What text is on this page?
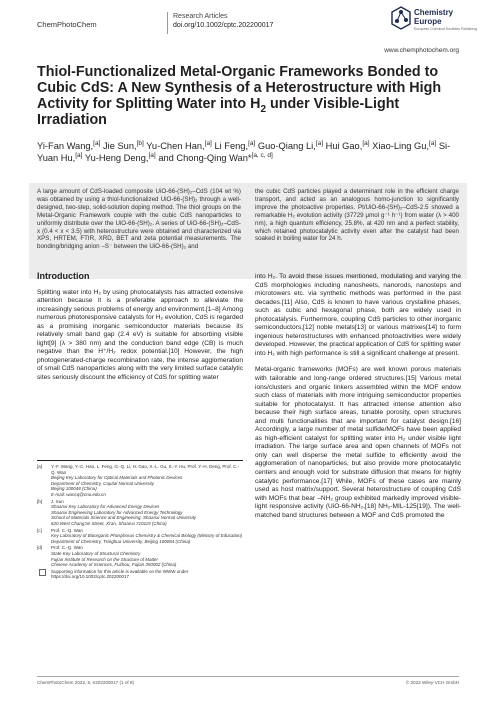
ChemPhotoChem
Research Articles
doi.org/10.1002/cptc.202200017
Chemistry
Europe
European Chemical Societies Publishing
www.chemphotochem.org
Thiol-Functionalized Metal-Organic Frameworks Bonded to Cubic CdS: A New Synthesis of a Heterostructure with High Activity for Splitting Water into $H_2$ under Visible-Light Irradiation
Yi-Fan Wang,[a] Jie Sun,[b] Yu-Chen Han,[a] Li Feng,[a] Guo-Qiang Li,[a] Hui Gao,[a] Xiao-Ling Gu,[a] Si-Yuan Hu,[a] Yu-Heng Deng,[a] and Chong-Qing Wan*[a, c, d]
A large amount of CdS-loaded composite UiO-66-(SH)₂–CdS (104 wt %) was obtained by using a thiol-functionalized UiO-66-(SH)₂ through a well-designed, two-step, solid-solution doping method. The thiol groups on the Metal-Organic Framework couple with the cubic CdS nanoparticles to uniformly distribute over the UiO-66-(SH)₂. A series of UiO-66-(SH)₂–CdS-x (0.4 < x < 3.5) with heterostructure were obtained and characterized via XPS, HRTEM, FTIR, XRD, BET and zeta potential measurements. The bonding/bridging anion –S⁻ between the UiO-66-(SH)₂ and
the cubic CdS particles played a determinant role in the efficient charge transport, and acted as an analogous homo-junction to significantly improve the photoactive properties. Pt/UiO-66-(SH)₂–CdS-2.5 showed a remarkable H₂ evolution activity (37729 μmol g⁻¹ h⁻¹) from water (λ > 400 nm), a high quantum efficiency, 25.8%, at 420 nm and a perfect stability, which retained photocatalytic activity even after the catalyst had been soaked in boiling water for 24 h.
Introduction

Splitting water into H₂ by using photocatalysts has attracted extensive attention because it is a preferable approach to alleviate the increasingly serious problems of energy and environment.[1–8] Among numerous photoresponsive catalysts for H₂ evolution, CdS is regarded as a promising inorganic semiconductor materials because its relatively small band gap (2.4 eV) is suitable for absorbing visible light[9] (λ > 380 nm) and the conduction band edge (CB) is much negative than the H⁺/H₂ redox potential.[10] However, the high photogenerated-charge recombination rate, the intense agglomeration of small CdS nanoparticles along with the very limited surface catalytic sites seriously discount the efficiency of CdS for splitting water

into H₂. To avoid these issues mentioned, modulating and varying the CdS morphologies including nanosheets, nanorods, nanosteps and microtowers etc. via synthetic methods was performed in the past decades.[11] Also, CdS is known to have various crystalline phases, such as cubic and hexagonal phase, both are widely used in photocatalysis. Furthermore, coupling CdS particles to other inorganic semiconductors,[12] noble metals[13] or various matrixes[14] to form ingenious heterostructures with enhanced photoactivities were widely developed. However, the practical application of CdS for splitting water into H₂ with high performance is still a significant challenge at present.

Metal-organic frameworks (MOFs) are well known porous materials with tailorable and long-range ordered structures.[15] Various metal ions/clusters and organic linkers assembled within the MOF endow such class of materials with more intriguing semiconductor properties suitable for photocatalyst. It has attracted intense attention also because their high surface areas, tunable porosity, open structures and multi functionalities that are important for catalyst design.[16] Accordingly, a large number of metal sulfide/MOFs have been applied as high-efficient catalyst for splitting water into H₂ under visible light irradiation. The large surface area and open channels of MOFs not only can well disperse the metal sulfide to efficiently avoid the agglomeration of nanoparticles, but also provide more photocatalytic centers and enough void for substrate diffusion that means for highly catalytic performance.[17] While, MOFs of these cases are mainly used as host matrix/support. Several heterostructure of coupling CdS with MOFs that bear –NH₂ group exhibited markedly improved visible-light responsive activity (UiO-66-NH₂,[18] NH₂-MIL-125[19]). The well-matched band structures between a MOF and CdS promoted the

[a] Y.-F. Wang, Y.-C. Han, L. Feng, G.-Q. Li, H. Gao, X.-L. Gu, S.-Y. Hu, Prof. Y.-H. Deng, Prof. C.-Q. Wan
Beijing Key Laboratory for Optical Materials and Photonic Devices
Department of Chemistry, Capital Normal University
Beijing 100048 (China)
E-mail: wancq@cnu.edu.cn
[b] J. Sun
Shaanxi Key Laboratory for Advanced Energy Devices
Shaanxi Engineering Laboratory for Advanced Energy Technology
School of Materials Science and Engineering, Shaanxi Normal University
620 West Chang'an Street, Xi'an, Shaanxi 710119 (China)
[c] Prof. C.-Q. Wan
Key Laboratory of Bioorganic Phosphorus Chemistry & Chemical Biology (Ministry of Education)
Department of Chemistry, Tsinghua University, Beijing 100084 (China)
[d] Prof. C.-Q. Wan
State Key Laboratory of Structural Chemistry
Fujian Institute of Research on the Structure of Matter
Chinese Academy of Sciences, Fuzhou, Fujian 350002 (China)
Supporting information for this article is available on the WWW under https://doi.org/10.1002/cptc.202200017
ChemPhotoChem 2022, 6, e202200017 (1 of 8)	© 2022 Wiley-VCH GmbH
